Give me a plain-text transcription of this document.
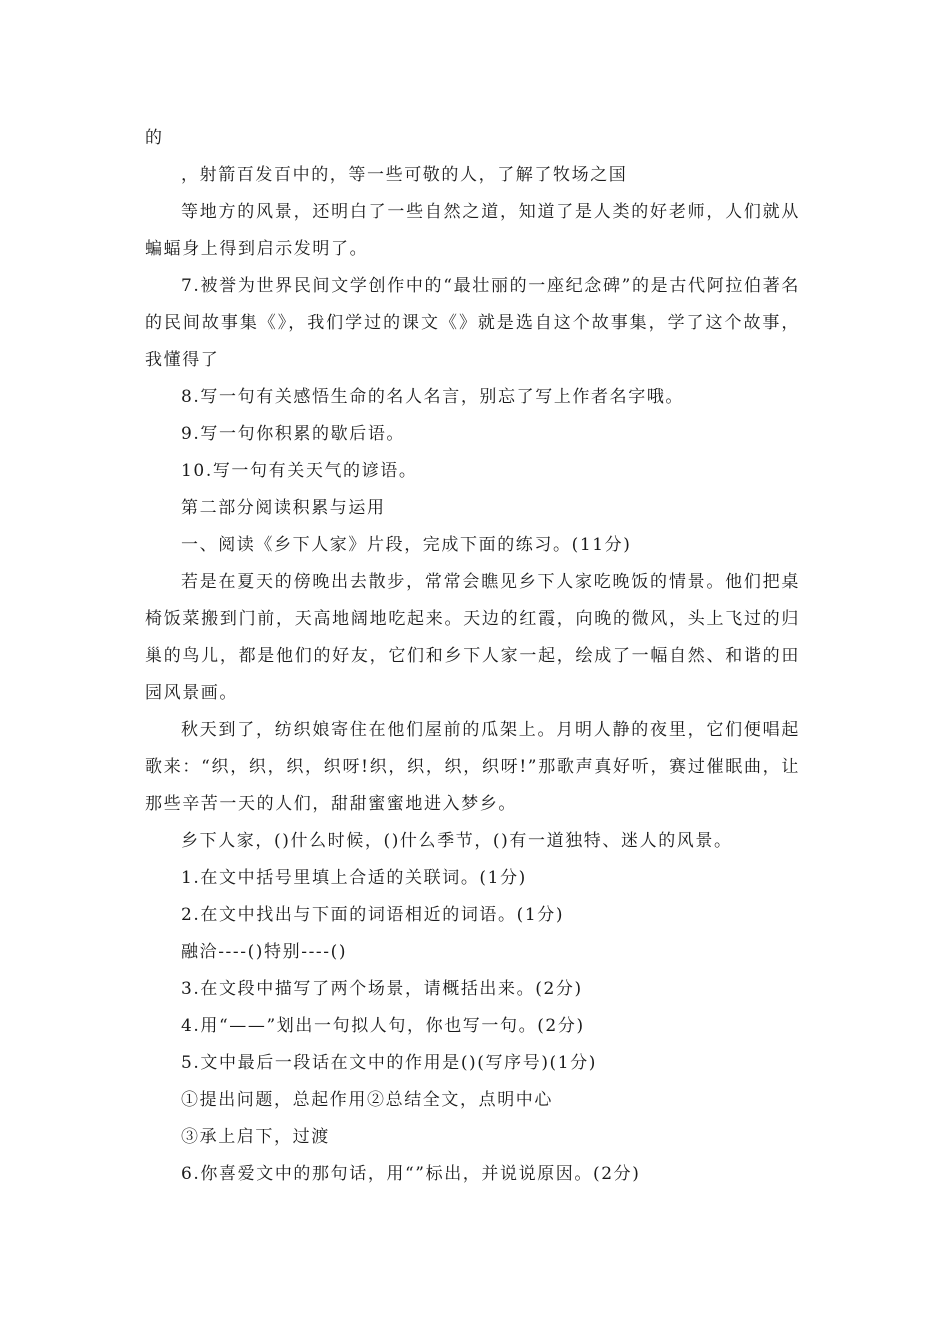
的

，射箭百发百中的，等一些可敬的人，了解了牧场之国

等地方的风景，还明白了一些自然之道，知道了是人类的好老师，人们就从蝙蝠身上得到启示发明了。

7.被誉为世界民间文学创作中的“最壮丽的一座纪念碑”的是古代阿拉伯著名的民间故事集《》，我们学过的课文《》就是选自这个故事集，学了这个故事，我懂得了

8.写一句有关感悟生命的名人名言，别忘了写上作者名字哦。

9.写一句你积累的歇后语。

10.写一句有关天气的谚语。

第二部分阅读积累与运用

一、阅读《乡下人家》片段，完成下面的练习。(11分)

若是在夏天的傍晚出去散步，常常会瞧见乡下人家吃晚饭的情景。他们把桌椅饭菜搬到门前，天高地阔地吃起来。天边的红霞，向晚的微风，头上飞过的归巢的鸟儿，都是他们的好友，它们和乡下人家一起，绘成了一幅自然、和谐的田园风景画。

秋天到了，纺织娘寄住在他们屋前的瓜架上。月明人静的夜里，它们便唱起歌来：“织，织，织，织呀!织，织，织，织呀!”那歌声真好听，赛过催眠曲，让那些辛苦一天的人们，甜甜蜜蜜地进入梦乡。

乡下人家，()什么时候，()什么季节，()有一道独特、迷人的风景。

1.在文中括号里填上合适的关联词。(1分)

2.在文中找出与下面的词语相近的词语。(1分)

融洽----()特别----()

3.在文段中描写了两个场景，请概括出来。(2分)

4.用“——”划出一句拟人句，你也写一句。(2分)

5.文中最后一段话在文中的作用是()(写序号)(1分)

①提出问题，总起作用②总结全文，点明中心

③承上启下，过渡

6.你喜爱文中的那句话，用“”标出，并说说原因。(2分)
